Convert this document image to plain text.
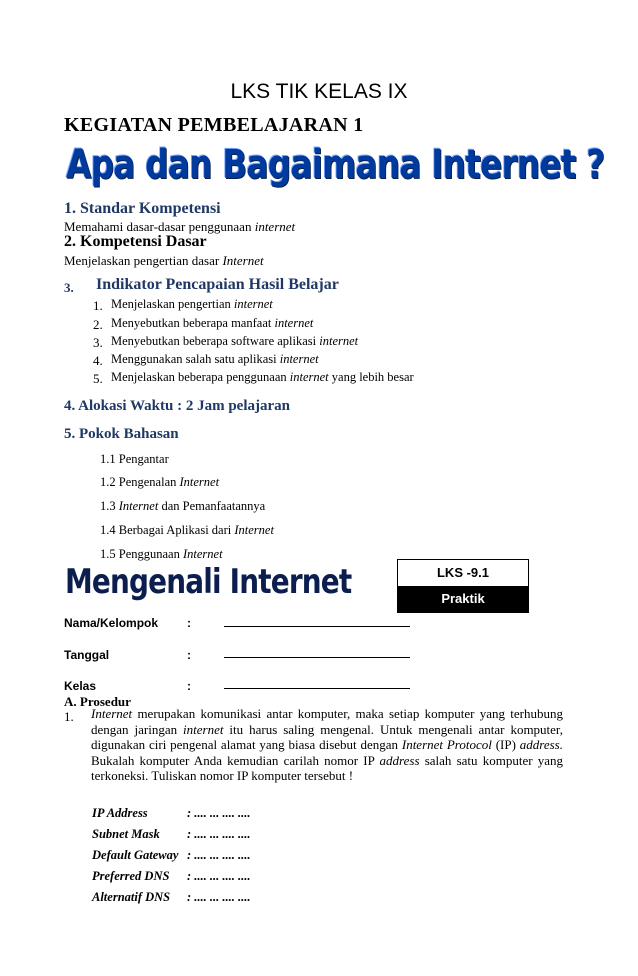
LKS TIK KELAS IX
KEGIATAN PEMBELAJARAN 1
Apa dan Bagaimana Internet ?
1. Standar Kompetensi
Memahami dasar-dasar penggunaan internet
2. Kompetensi Dasar
Menjelaskan pengertian dasar Internet
3. Indikator Pencapaian Hasil Belajar
1. Menjelaskan pengertian internet
2. Menyebutkan beberapa manfaat internet
3. Menyebutkan beberapa software aplikasi internet
4. Menggunakan salah satu aplikasi internet
5. Menjelaskan beberapa penggunaan internet yang lebih besar
4. Alokasi Waktu : 2 Jam pelajaran
5. Pokok Bahasan
1.1 Pengantar
1.2 Pengenalan Internet
1.3 Internet dan Pemanfaatannya
1.4 Berbagai Aplikasi dari Internet
1.5 Penggunaan Internet
Mengenali Internet	LKS -9.1
Praktik
Nama/Kelompok :
Tanggal	:
Kelas	:
A. Prosedur
1. Internet merupakan komunikasi antar komputer, maka setiap komputer yang terhubung dengan jaringan internet itu harus saling mengenal. Untuk mengenali antar komputer, digunakan ciri pengenal alamat yang biasa disebut dengan Internet Protocol (IP) address. Bukalah komputer Anda kemudian carilah nomor IP address salah satu komputer yang terkoneksi. Tuliskan nomor IP komputer tersebut !
IP Address	: .... ... .... ....
Subnet Mask : .... ... .... ....
Default Gateway : .... ... .... ....
Preferred DNS : .... ... .... ....
Alternatif DNS : .... ... .... ....
